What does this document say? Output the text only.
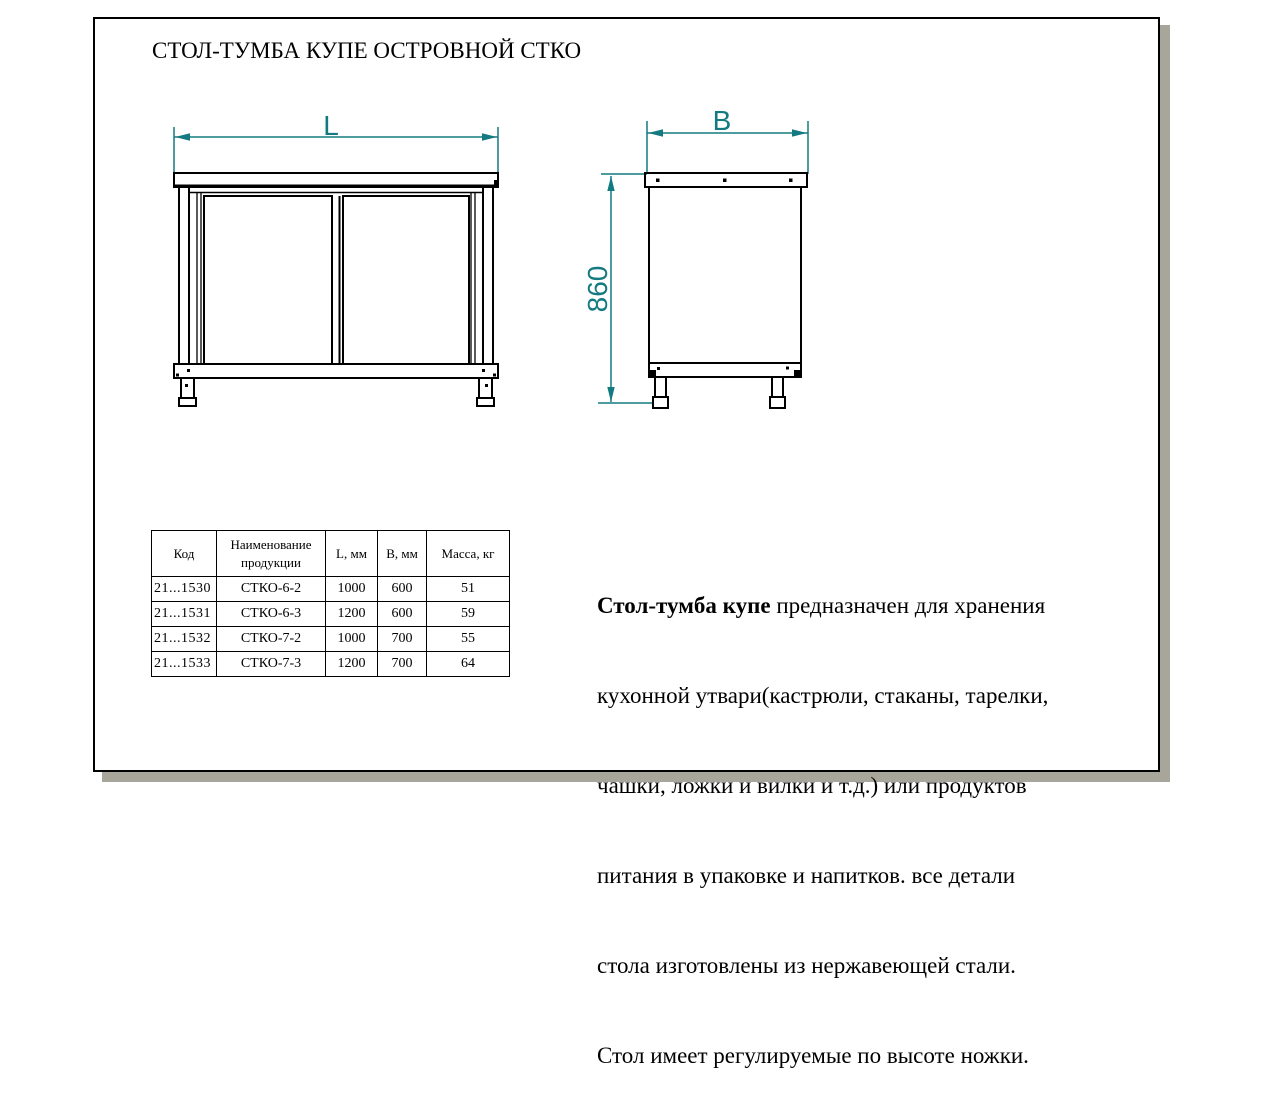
СТОЛ-ТУМБА КУПЕ ОСТРОВНОЙ СТКО
L	B
860
Код	Наименование продукции	L, мм	В, мм	Масса, кг
21...1530	СТКО-6-2	1000	600	51
21...1531	СТКО-6-3	1200	600	59
21...1532	СТКО-7-2	1000	700	55
21...1533	СТКО-7-3	1200	700	64

Стол-тумба купе предназначен для хранения

кухонной утвари(кастрюли, стаканы, тарелки,

чашки, ложки и вилки и т.д.) или продуктов

питания в упаковке и напитков. все детали

стола изготовлены из нержавеющей стали.

Стол имеет регулируемые по высоте ножки.
